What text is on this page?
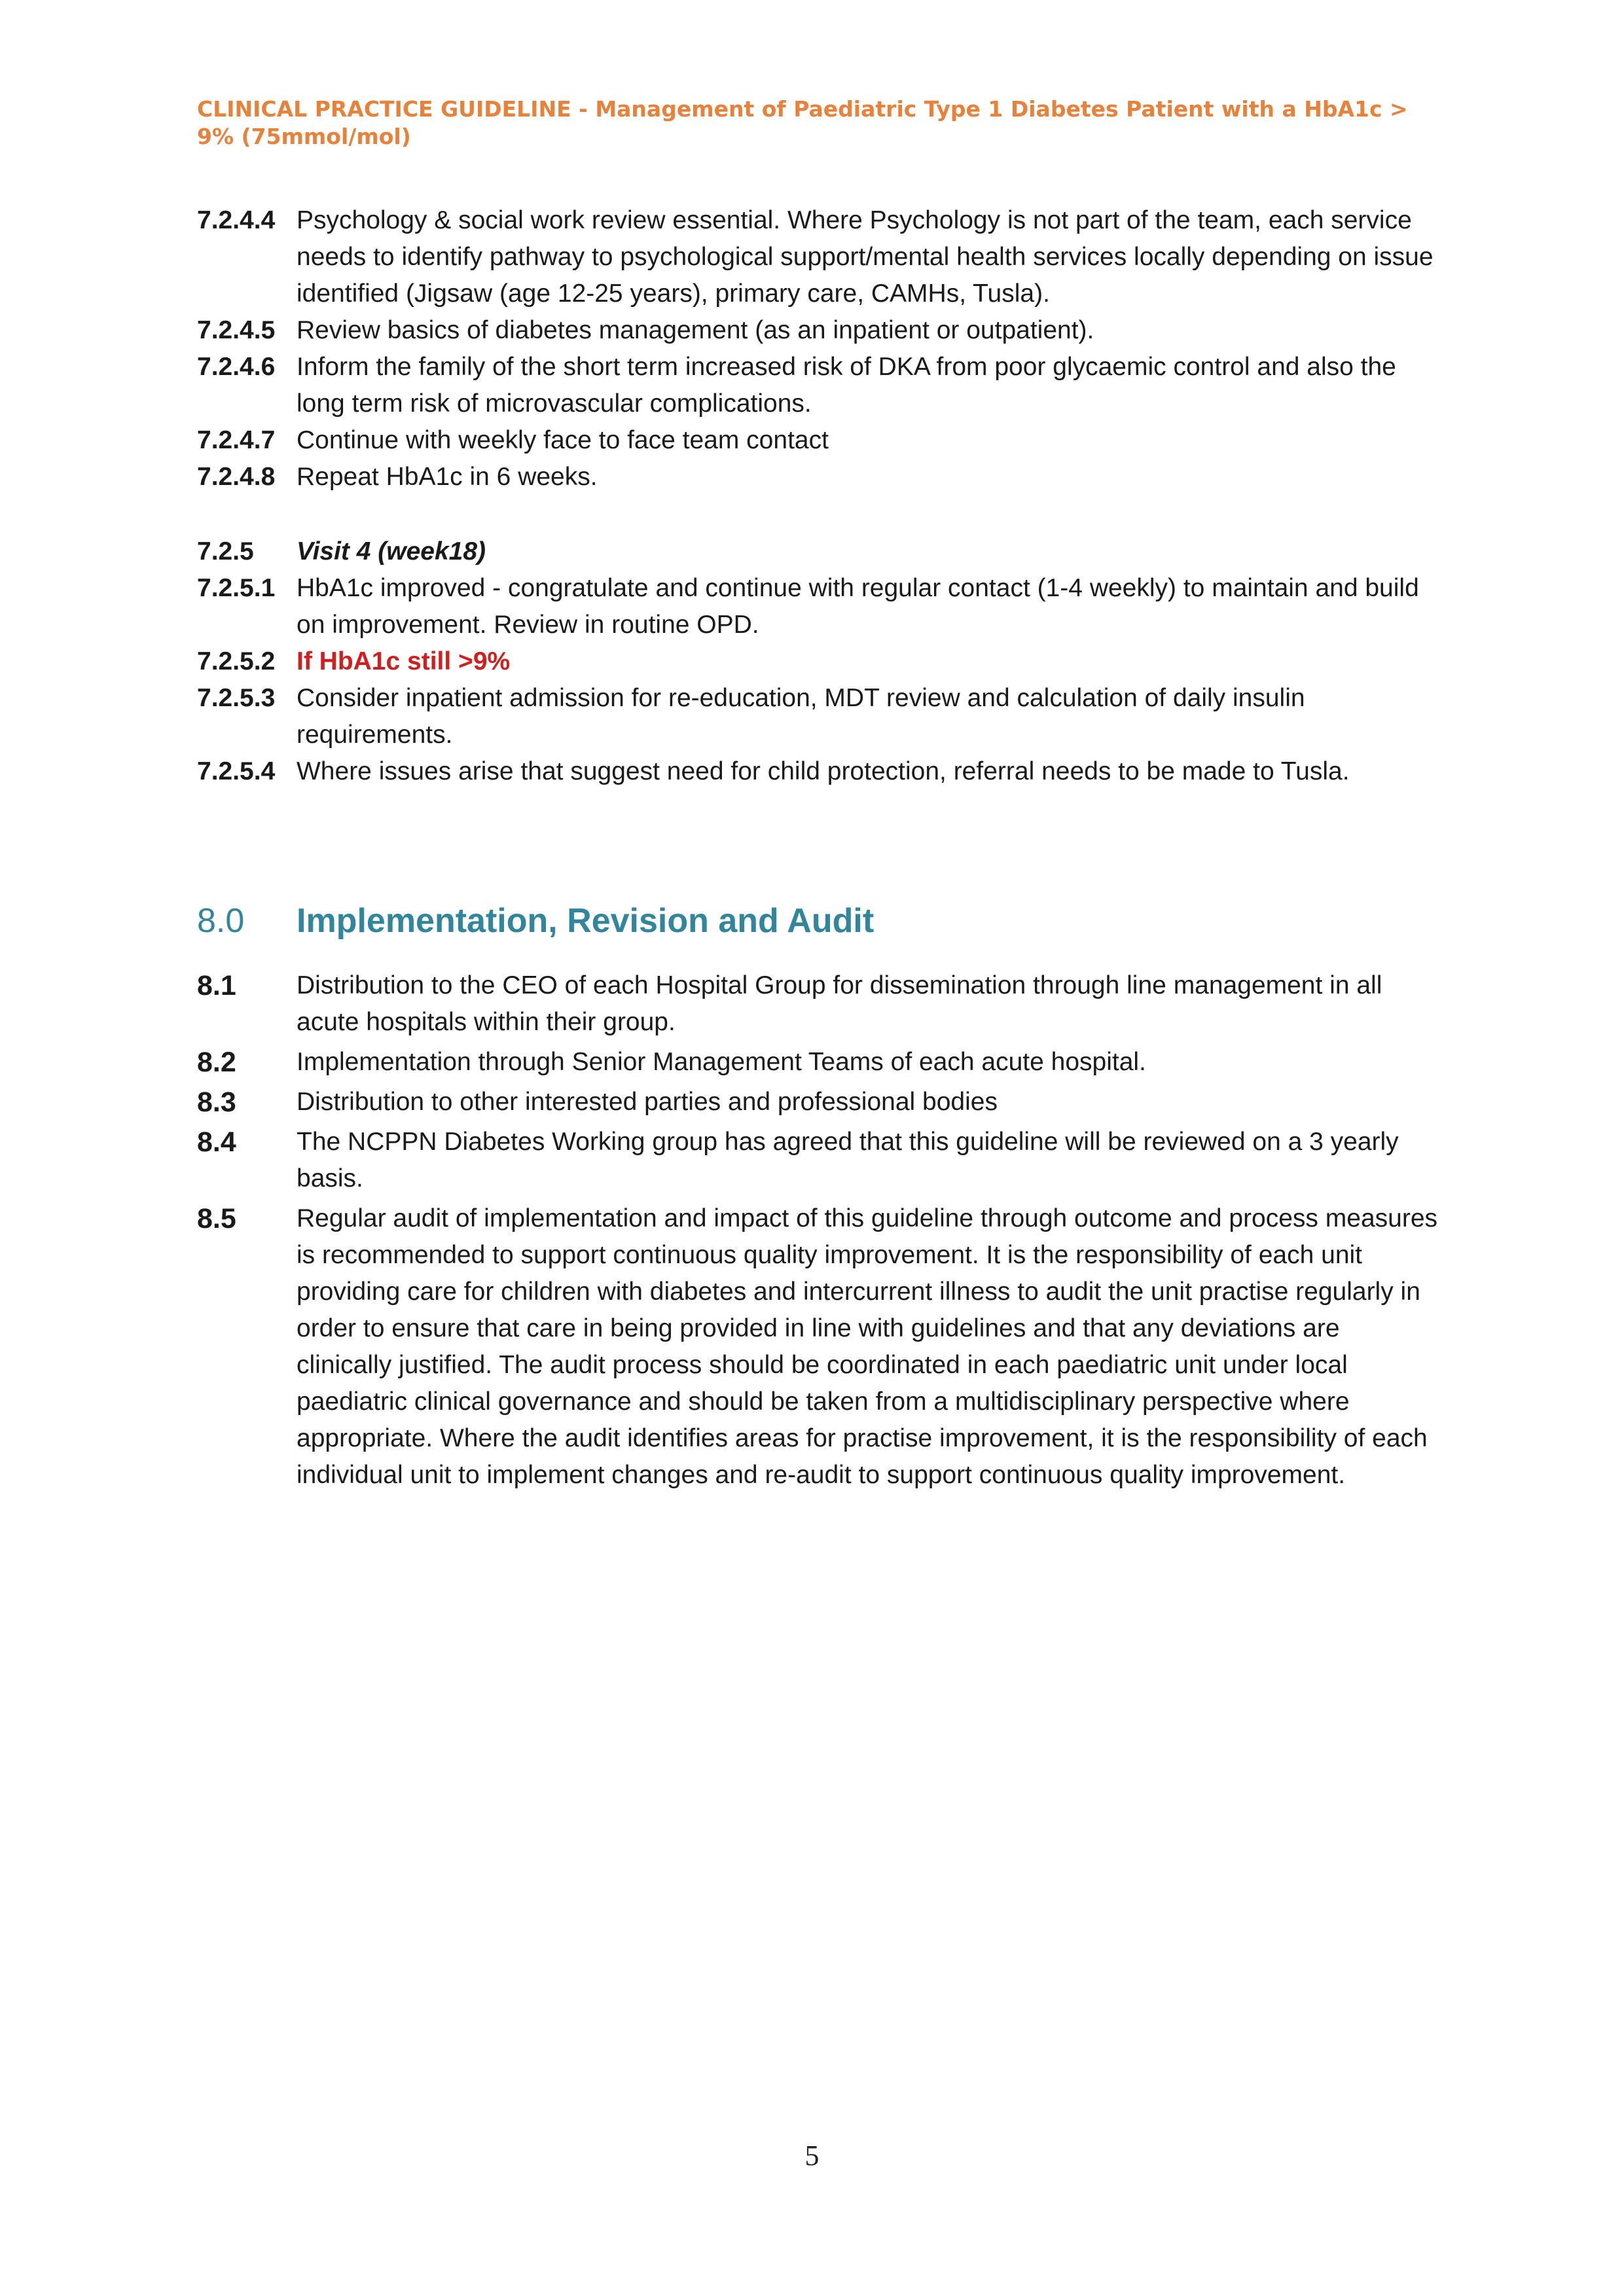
CLINICAL PRACTICE GUIDELINE - Management of Paediatric Type 1 Diabetes Patient with a HbA1c > 9% (75mmol/mol)
7.2.4.4 Psychology & social work review essential. Where Psychology is not part of the team, each service needs to identify pathway to psychological support/mental health services locally depending on issue identified (Jigsaw (age 12-25 years), primary care, CAMHs, Tusla).
7.2.4.5 Review basics of diabetes management (as an inpatient or outpatient).
7.2.4.6 Inform the family of the short term increased risk of DKA from poor glycaemic control and also the long term risk of microvascular complications.
7.2.4.7 Continue with weekly face to face team contact
7.2.4.8 Repeat HbA1c in 6 weeks.
7.2.5	Visit 4 (week18)
7.2.5.1 HbA1c improved - congratulate and continue with regular contact (1-4 weekly) to maintain and build on improvement. Review in routine OPD.
7.2.5.2 If HbA1c still >9%
7.2.5.3 Consider inpatient admission for re-education, MDT review and calculation of daily insulin requirements.
7.2.5.4 Where issues arise that suggest need for child protection, referral needs to be made to Tusla.
8.0	Implementation, Revision and Audit
8.1	Distribution to the CEO of each Hospital Group for dissemination through line management in all acute hospitals within their group.
8.2	Implementation through Senior Management Teams of each acute hospital.
8.3	Distribution to other interested parties and professional bodies
8.4	The NCPPN Diabetes Working group has agreed that this guideline will be reviewed on a 3 yearly basis.
8.5	Regular audit of implementation and impact of this guideline through outcome and process measures is recommended to support continuous quality improvement. It is the responsibility of each unit providing care for children with diabetes and intercurrent illness to audit the unit practise regularly in order to ensure that care in being provided in line with guidelines and that any deviations are clinically justified. The audit process should be coordinated in each paediatric unit under local paediatric clinical governance and should be taken from a multidisciplinary perspective where appropriate. Where the audit identifies areas for practise improvement, it is the responsibility of each individual unit to implement changes and re-audit to support continuous quality improvement.
5
